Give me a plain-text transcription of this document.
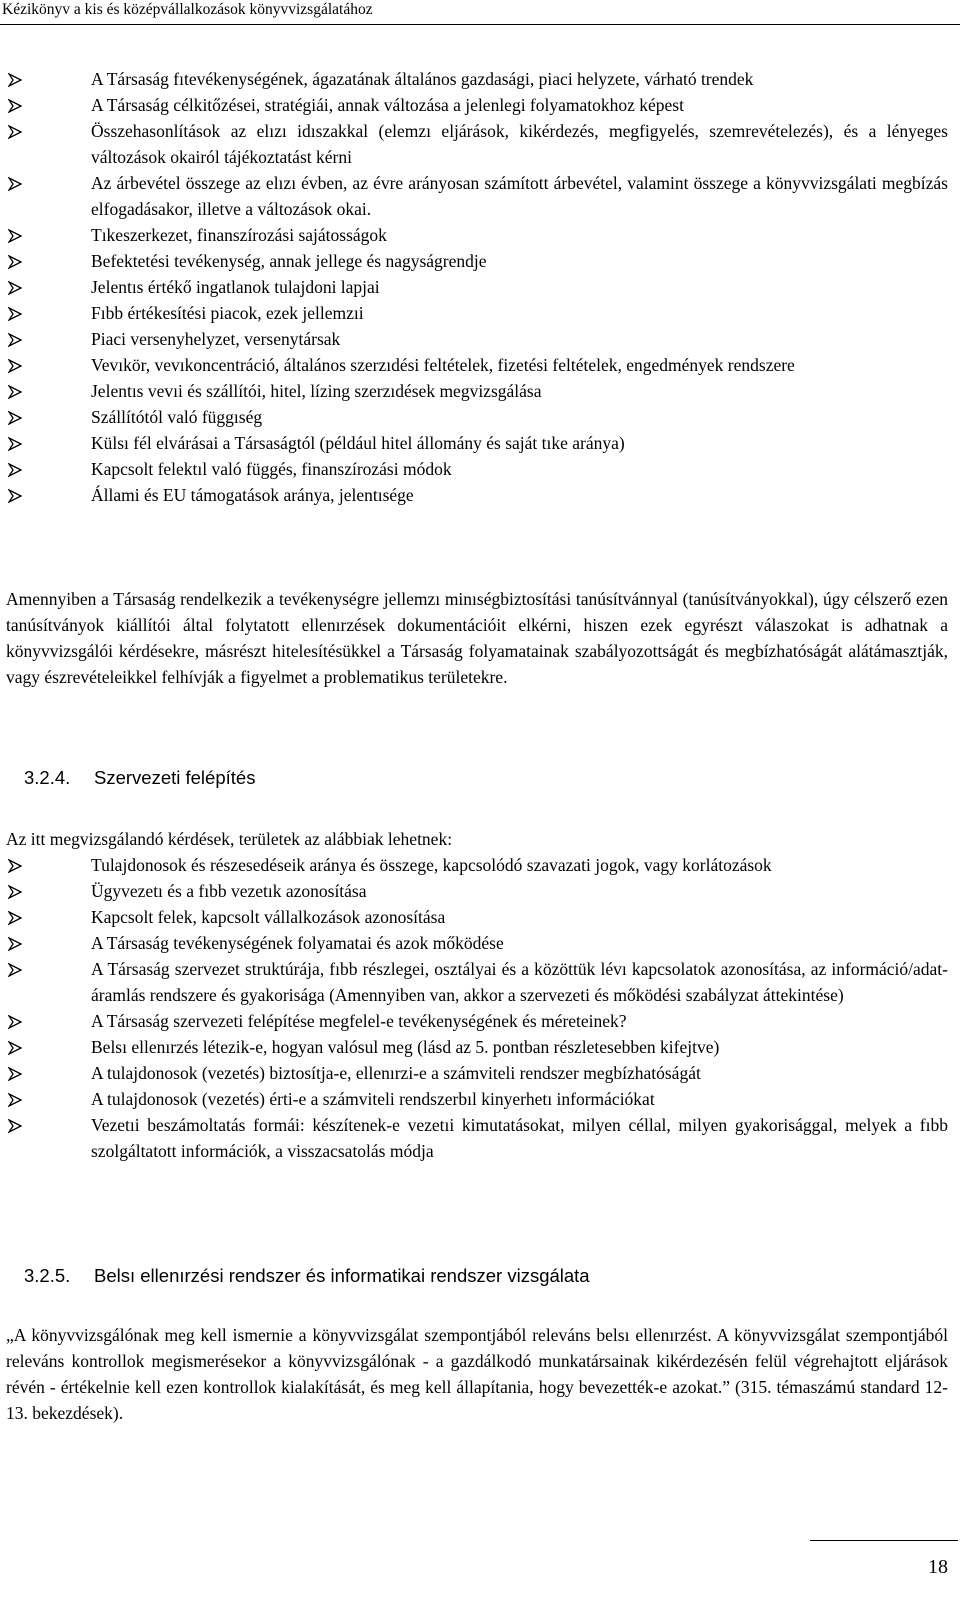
Kézikönyv a kis és középvállalkozások könyvvizsgálatához
A Társaság fıtevékenységének, ágazatának általános gazdasági, piaci helyzete, várható trendek
A Társaság célkitőzései, stratégiái, annak változása a jelenlegi folyamatokhoz képest
Összehasonlítások az elızı idıszakkal (elemzı eljárások, kikérdezés, megfigyelés, szemrevételezés), és a lényeges változások okairól tájékoztatást kérni
Az árbevétel összege az elızı évben, az évre arányosan számított árbevétel, valamint összege a könyvvizsgálati megbízás elfogadásakor, illetve a változások okai.
Tıkeszerkezet, finanszírozási sajátosságok
Befektetési tevékenység, annak jellege és nagyságrendje
Jelentıs értékő ingatlanok tulajdoni lapjai
Fıbb értékesítési piacok, ezek jellemzıi
Piaci versenyhelyzet, versenytársak
Vevıkör, vevıkoncentráció, általános szerzıdési feltételek, fizetési feltételek, engedmények rendszere
Jelentıs vevıi és szállítói, hitel, lízing szerzıdések megvizsgálása
Szállítótól való függıség
Külsı fél elvárásai a Társaságtól (például hitel állomány és saját tıke aránya)
Kapcsolt felektıl való függés, finanszírozási módok
Állami és EU támogatások aránya, jelentısége

Amennyiben a Társaság rendelkezik a tevékenységre jellemzı minıségbiztosítási tanúsítvánnyal (tanúsítványokkal), úgy célszerő ezen tanúsítványok kiállítói által folytatott ellenırzések dokumentációit elkérni, hiszen ezek egyrészt válaszokat is adhatnak a könyvvizsgálói kérdésekre, másrészt hitelesítésükkel a Társaság folyamatainak szabályozottságát és megbízhatóságát alátámasztják, vagy észrevételeikkel felhívják a figyelmet a problematikus területekre.

3.2.4. Szervezeti felépítés

Az itt megvizsgálandó kérdések, területek az alábbiak lehetnek:

Tulajdonosok és részesedéseik aránya és összege, kapcsolódó szavazati jogok, vagy korlátozások
Ügyvezetı és a fıbb vezetık azonosítása
Kapcsolt felek, kapcsolt vállalkozások azonosítása
A Társaság tevékenységének folyamatai és azok mőködése
A Társaság szervezet struktúrája, fıbb részlegei, osztályai és a közöttük lévı kapcsolatok azonosítása, az információ/adat-áramlás rendszere és gyakorisága (Amennyiben van, akkor a szervezeti és mőködési szabályzat áttekintése)
A Társaság szervezeti felépítése megfelel-e tevékenységének és méreteinek?
Belsı ellenırzés létezik-e, hogyan valósul meg (lásd az 5. pontban részletesebben kifejtve)
A tulajdonosok (vezetés) biztosítja-e, ellenırzi-e a számviteli rendszer megbízhatóságát
A tulajdonosok (vezetés) érti-e a számviteli rendszerbıl kinyerhetı információkat
Vezetıi beszámoltatás formái: készítenek-e vezetıi kimutatásokat, milyen céllal, milyen gyakorisággal, melyek a fıbb szolgáltatott információk, a visszacsatolás módja
3.2.5. Belsı ellenırzési rendszer és informatikai rendszer vizsgálata

„A könyvvizsgálónak meg kell ismernie a könyvvizsgálat szempontjából releváns belsı ellenırzést. A könyvvizsgálat szempontjából releváns kontrollok megismerésekor a könyvvizsgálónak - a gazdálkodó munkatársainak kikérdezésén felül végrehajtott eljárások révén - értékelnie kell ezen kontrollok kialakítását, és meg kell állapítania, hogy bevezették-e azokat.” (315. témaszámú standard 12-13. bekezdések).

18
